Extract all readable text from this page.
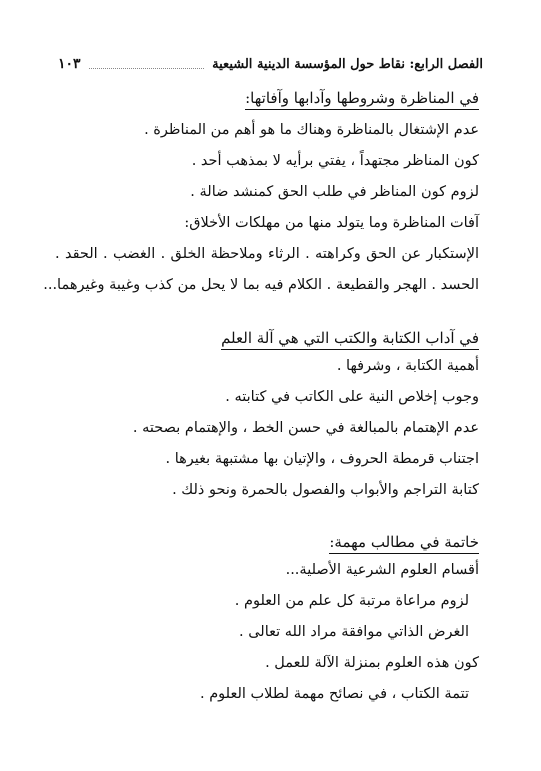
الفصل الرابع: نقاط حول المؤسسة الدينية الشيعية
١٠٣
في المناظرة وشروطها وآدابها وآفاتها:
عدم الإشتغال بالمناظرة وهناك ما هو أهم من المناظرة .
كون المناظر مجتهداً ، يفتي برأيه لا بمذهب أحد .
لزوم كون المناظر في طلب الحق كمنشد ضالة .
آفات المناظرة وما يتولد منها من مهلكات الأخلاق:
الإستكبار عن الحق وكراهته . الرثاء وملاحظة الخلق . الغضب . الحقد .
الحسد . الهجر والقطيعة . الكلام فيه بما لا يحل من كذب وغيبة وغيرهما...
في آداب الكتابة والكتب التي هي آلة العلم
أهمية الكتابة ، وشرفها .
وجوب إخلاص النية على الكاتب في كتابته .
عدم الإهتمام بالمبالغة في حسن الخط ، والإهتمام بصحته .
اجتناب قرمطة الحروف ، والإتيان بها مشتبهة بغيرها .
كتابة التراجم والأبواب والفصول بالحمرة ونحو ذلك .
خاتمة في مطالب مهمة:
أقسام العلوم الشرعية الأصلية...
لزوم مراعاة مرتبة كل علم من العلوم .
الغرض الذاتي موافقة مراد الله تعالى .
كون هذه العلوم بمنزلة الآلة للعمل .
تتمة الكتاب ، في نصائح مهمة لطلاب العلوم .
